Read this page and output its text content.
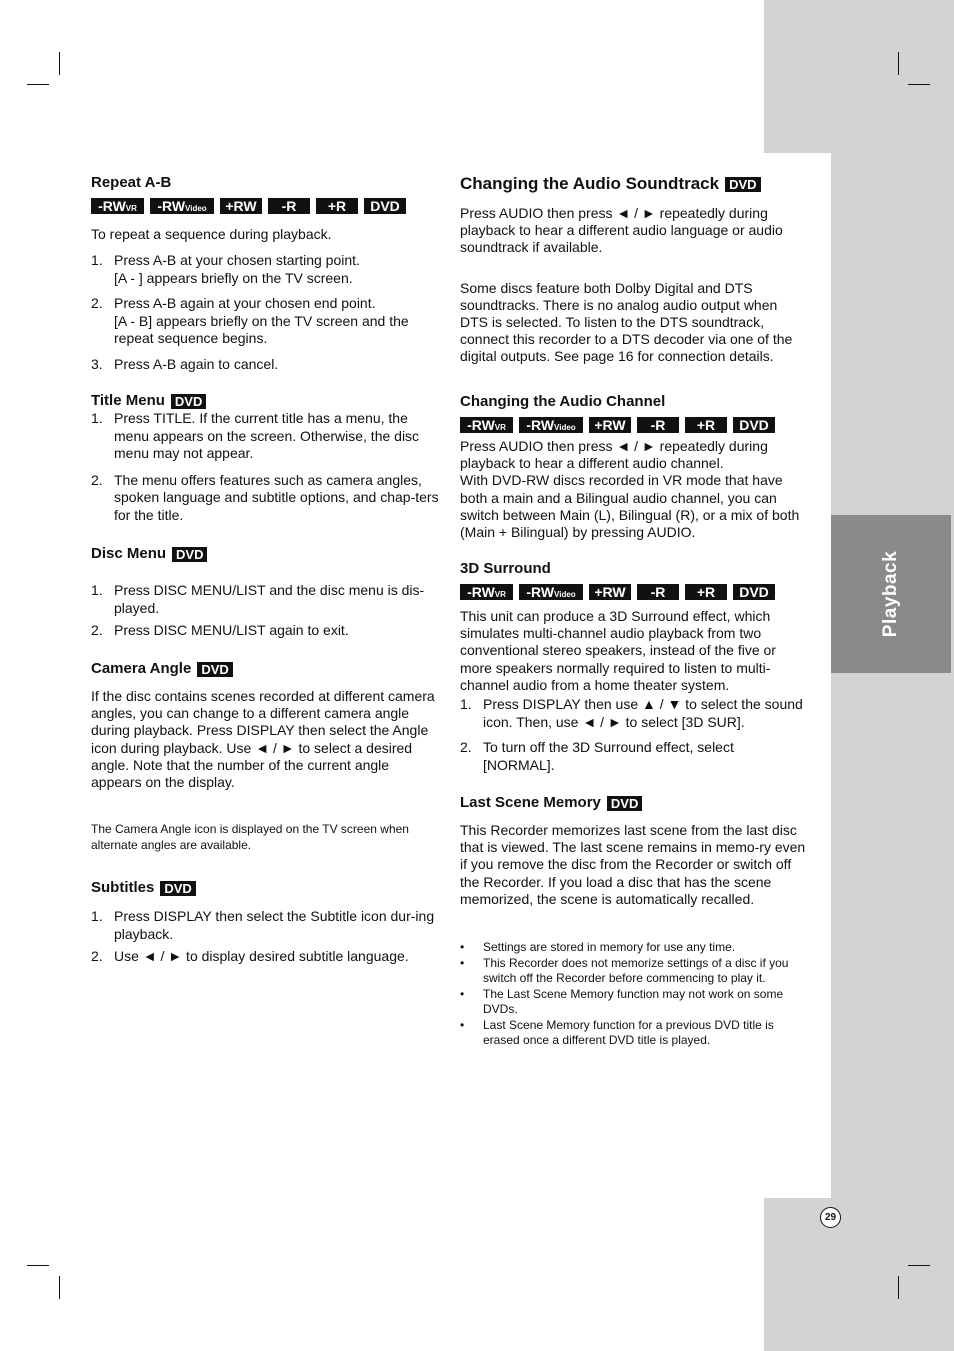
Playback
29
Repeat A-B
-RWVR	-RWVideo	+RW	-R	+R	DVD

To repeat a sequence during playback.

1. Press A-B at your chosen starting point.
[A - ] appears briefly on the TV screen.
2. Press A-B again at your chosen end point.
[A - B] appears briefly on the TV screen and the repeat sequence begins.
3. Press A-B again to cancel.
Title Menu DVD
1. Press TITLE. If the current title has a menu, the menu appears on the screen. Otherwise, the disc menu may not appear.
2. The menu offers features such as camera angles, spoken language and subtitle options, and chap-ters for the title.
Disc Menu DVD
1. Press DISC MENU/LIST and the disc menu is dis-played.
2. Press DISC MENU/LIST again to exit.
Camera Angle DVD

If the disc contains scenes recorded at different camera angles, you can change to a different camera angle during playback. Press DISPLAY then select the Angle icon during playback. Use ◄ / ► to select a desired angle. Note that the number of the current angle appears on the display.

The Camera Angle icon is displayed on the TV screen when alternate angles are available.

Subtitles DVD
1. Press DISPLAY then select the Subtitle icon dur-ing playback.
2. Use ◄ / ► to display desired subtitle language.
Changing the Audio Soundtrack DVD

Press AUDIO then press ◄ / ► repeatedly during playback to hear a different audio language or audio soundtrack if available.

Some discs feature both Dolby Digital and DTS soundtracks. There is no analog audio output when DTS is selected. To listen to the DTS soundtrack, connect this recorder to a DTS decoder via one of the digital outputs. See page 16 for connection details.

Changing the Audio Channel
-RWVR	-RWVideo	+RW	-R	+R	DVD

Press AUDIO then press ◄ / ► repeatedly during playback to hear a different audio channel.
With DVD-RW discs recorded in VR mode that have both a main and a Bilingual audio channel, you can switch between Main (L), Bilingual (R), or a mix of both (Main + Bilingual) by pressing AUDIO.

3D Surround
-RWVR	-RWVideo	+RW	-R	+R	DVD

This unit can produce a 3D Surround effect, which simulates multi-channel audio playback from two conventional stereo speakers, instead of the five or more speakers normally required to listen to multi-channel audio from a home theater system.

1. Press DISPLAY then use ▲ / ▼ to select the sound icon. Then, use ◄ / ► to select [3D SUR].
2. To turn off the 3D Surround effect, select [NORMAL].
Last Scene Memory DVD

This Recorder memorizes last scene from the last disc that is viewed. The last scene remains in memo-ry even if you remove the disc from the Recorder or switch off the Recorder. If you load a disc that has the scene memorized, the scene is automatically recalled.

• Settings are stored in memory for use any time.
• This Recorder does not memorize settings of a disc if you switch off the Recorder before commencing to play it.
• The Last Scene Memory function may not work on some DVDs.
• Last Scene Memory function for a previous DVD title is erased once a different DVD title is played.
